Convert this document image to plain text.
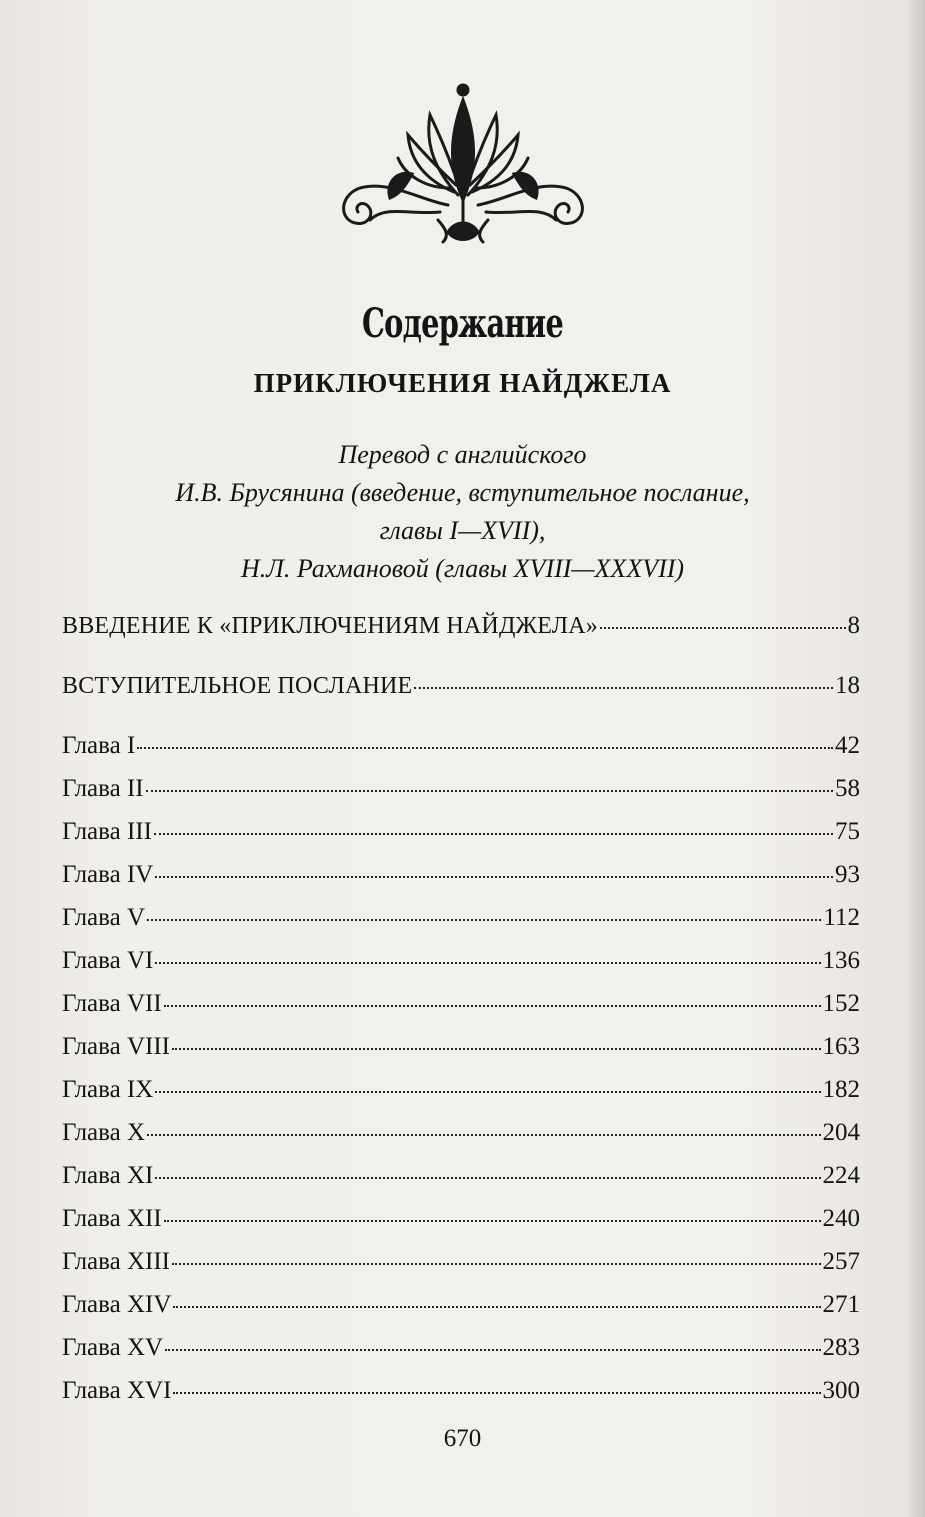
Содержание
ПРИКЛЮЧЕНИЯ НАЙДЖЕЛА
Перевод с английского
И.В. Брусянина (введение, вступительное послание,
главы I—XVII),
Н.Л. Рахмановой (главы XVIII—XXXVII)
ВВЕДЕНИЕ К «ПРИКЛЮЧЕНИЯМ НАЙДЖЕЛА»	8
ВСТУПИТЕЛЬНОЕ ПОСЛАНИЕ	18
Глава I	42
Глава II	58
Глава III	75
Глава IV	93
Глава V	112
Глава VI	136
Глава VII	152
Глава VIII	163
Глава IX	182
Глава X	204
Глава XI	224
Глава XII	240
Глава XIII	257
Глава XIV	271
Глава XV	283
Глава XVI	300
670
